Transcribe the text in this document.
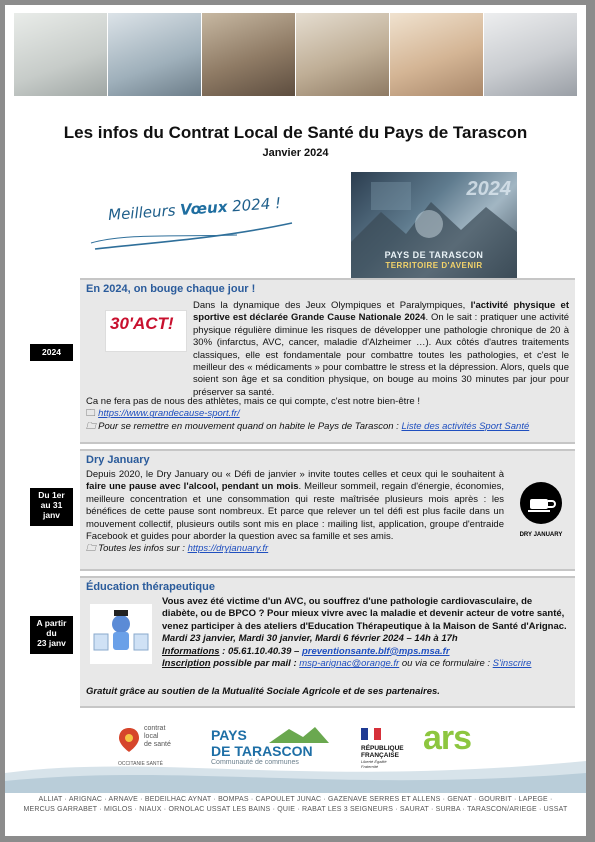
Les infos du Contrat Local de Santé du Pays de Tarascon
Janvier 2024
Meilleurs Vœux 2024 !
2024
PAYS DE TARASCON
TERRITOIRE D'AVENIR
2024
En 2024, on bouge chaque jour !
30'ACT!

Dans la dynamique des Jeux Olympiques et Paralympiques, l'activité physique et sportive est déclarée Grande Cause Nationale 2024. On le sait : pratiquer une activité physique régulière diminue les risques de développer une pathologie chronique de 20 à 30% (infarctus, AVC, cancer, maladie d'Alzheimer …). Aux côtés d'autres traitements classiques, elle est fondamentale pour combattre toutes les pathologies, et c'est le meilleur des « médicaments » pour combattre le stress et la dépression. Alors, quels que soient son âge et sa condition physique, on bouge au moins 30 minutes par jour pour préserver sa santé.

Ca ne fera pas de nous des athlètes, mais ce qui compte, c'est notre bien-être !

🗀 https://www.grandecause-sport.fr/

🗀 Pour se remettre en mouvement quand on habite le Pays de Tarascon : Liste des activités Sport Santé

Du 1er
au 31
janv
Dry January

Depuis 2020, le Dry January ou « Défi de janvier » invite toutes celles et ceux qui le souhaitent à faire une pause avec l'alcool, pendant un mois. Meilleur sommeil, regain d'énergie, économies, meilleure concentration et une consommation qui reste maîtrisée plusieurs mois après : les bénéfices de cette pause sont nombreux. Et parce que relever un tel défi est plus facile dans un mouvement collectif, plusieurs outils sont mis en place : mailing list, application, groupe d'entraide Facebook et guides pour aborder la question avec sa famille et ses amis.

🗀 Toutes les infos sur : https://dryjanuary.fr

DRY JANUARY
A partir
du
23 janv
Éducation thérapeutique

Vous avez été victime d'un AVC, ou souffrez d'une pathologie cardiovasculaire, de diabète, ou de BPCO ? Pour mieux vivre avec la maladie et devenir acteur de votre santé, venez participer à des ateliers d'Education Thérapeutique à la Maison de Santé d'Arignac.

Mardi 23 janvier, Mardi 30 janvier, Mardi 6 février 2024 – 14h à 17h

Informations : 05.61.10.40.39 – preventionsante.blf@mps.msa.fr

Inscription possible par mail : msp-arignac@orange.fr ou via ce formulaire : S'inscrire

Gratuit grâce au soutien de la Mutualité Sociale Agricole et de ses partenaires.
contrat
local
de santé
OCCITANIE SANTÉ
PAYS
DE TARASCON
Communauté de communes
RÉPUBLIQUE
FRANÇAISE
Liberté Égalité Fraternité
ars
ALLIAT · ARIGNAC · ARNAVE · BEDEILHAC AYNAT · BOMPAS · CAPOULET JUNAC · GAZENAVE SERRES ET ALLENS · GENAT · GOURBIT · LAPEGE ·
MERCUS GARRABET · MIGLOS · NIAUX · ORNOLAC USSAT LES BAINS · QUIE · RABAT LES 3 SEIGNEURS · SAURAT · SURBA · TARASCON/ARIEGE · USSAT
